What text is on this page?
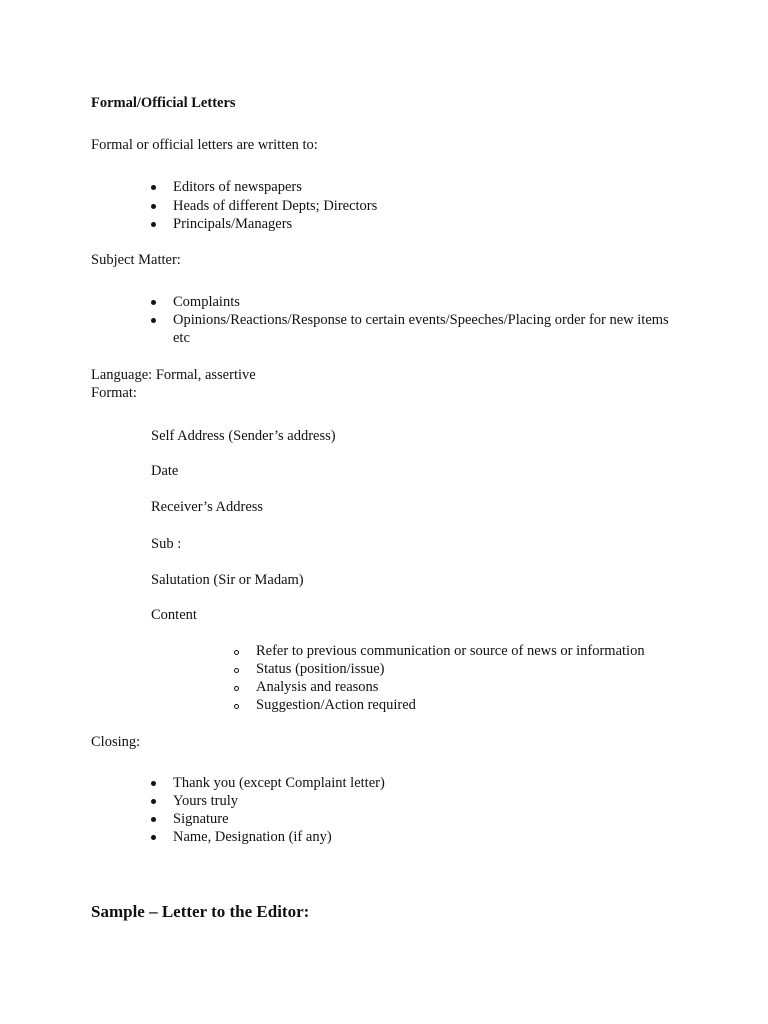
Formal/Official Letters
Formal or official letters are written to:
Editors of newspapers
Heads of different Depts; Directors
Principals/Managers
Subject Matter:
Complaints
Opinions/Reactions/Response to certain events/Speeches/Placing order for new items etc
Language: Formal, assertive
Format:
Self Address (Sender’s address)
Date
Receiver’s Address
Sub :
Salutation (Sir or Madam)
Content
Refer to previous communication or source of news or information
Status (position/issue)
Analysis and reasons
Suggestion/Action required
Closing:
Thank you (except Complaint letter)
Yours truly
Signature
Name, Designation (if any)
Sample – Letter to the Editor:
